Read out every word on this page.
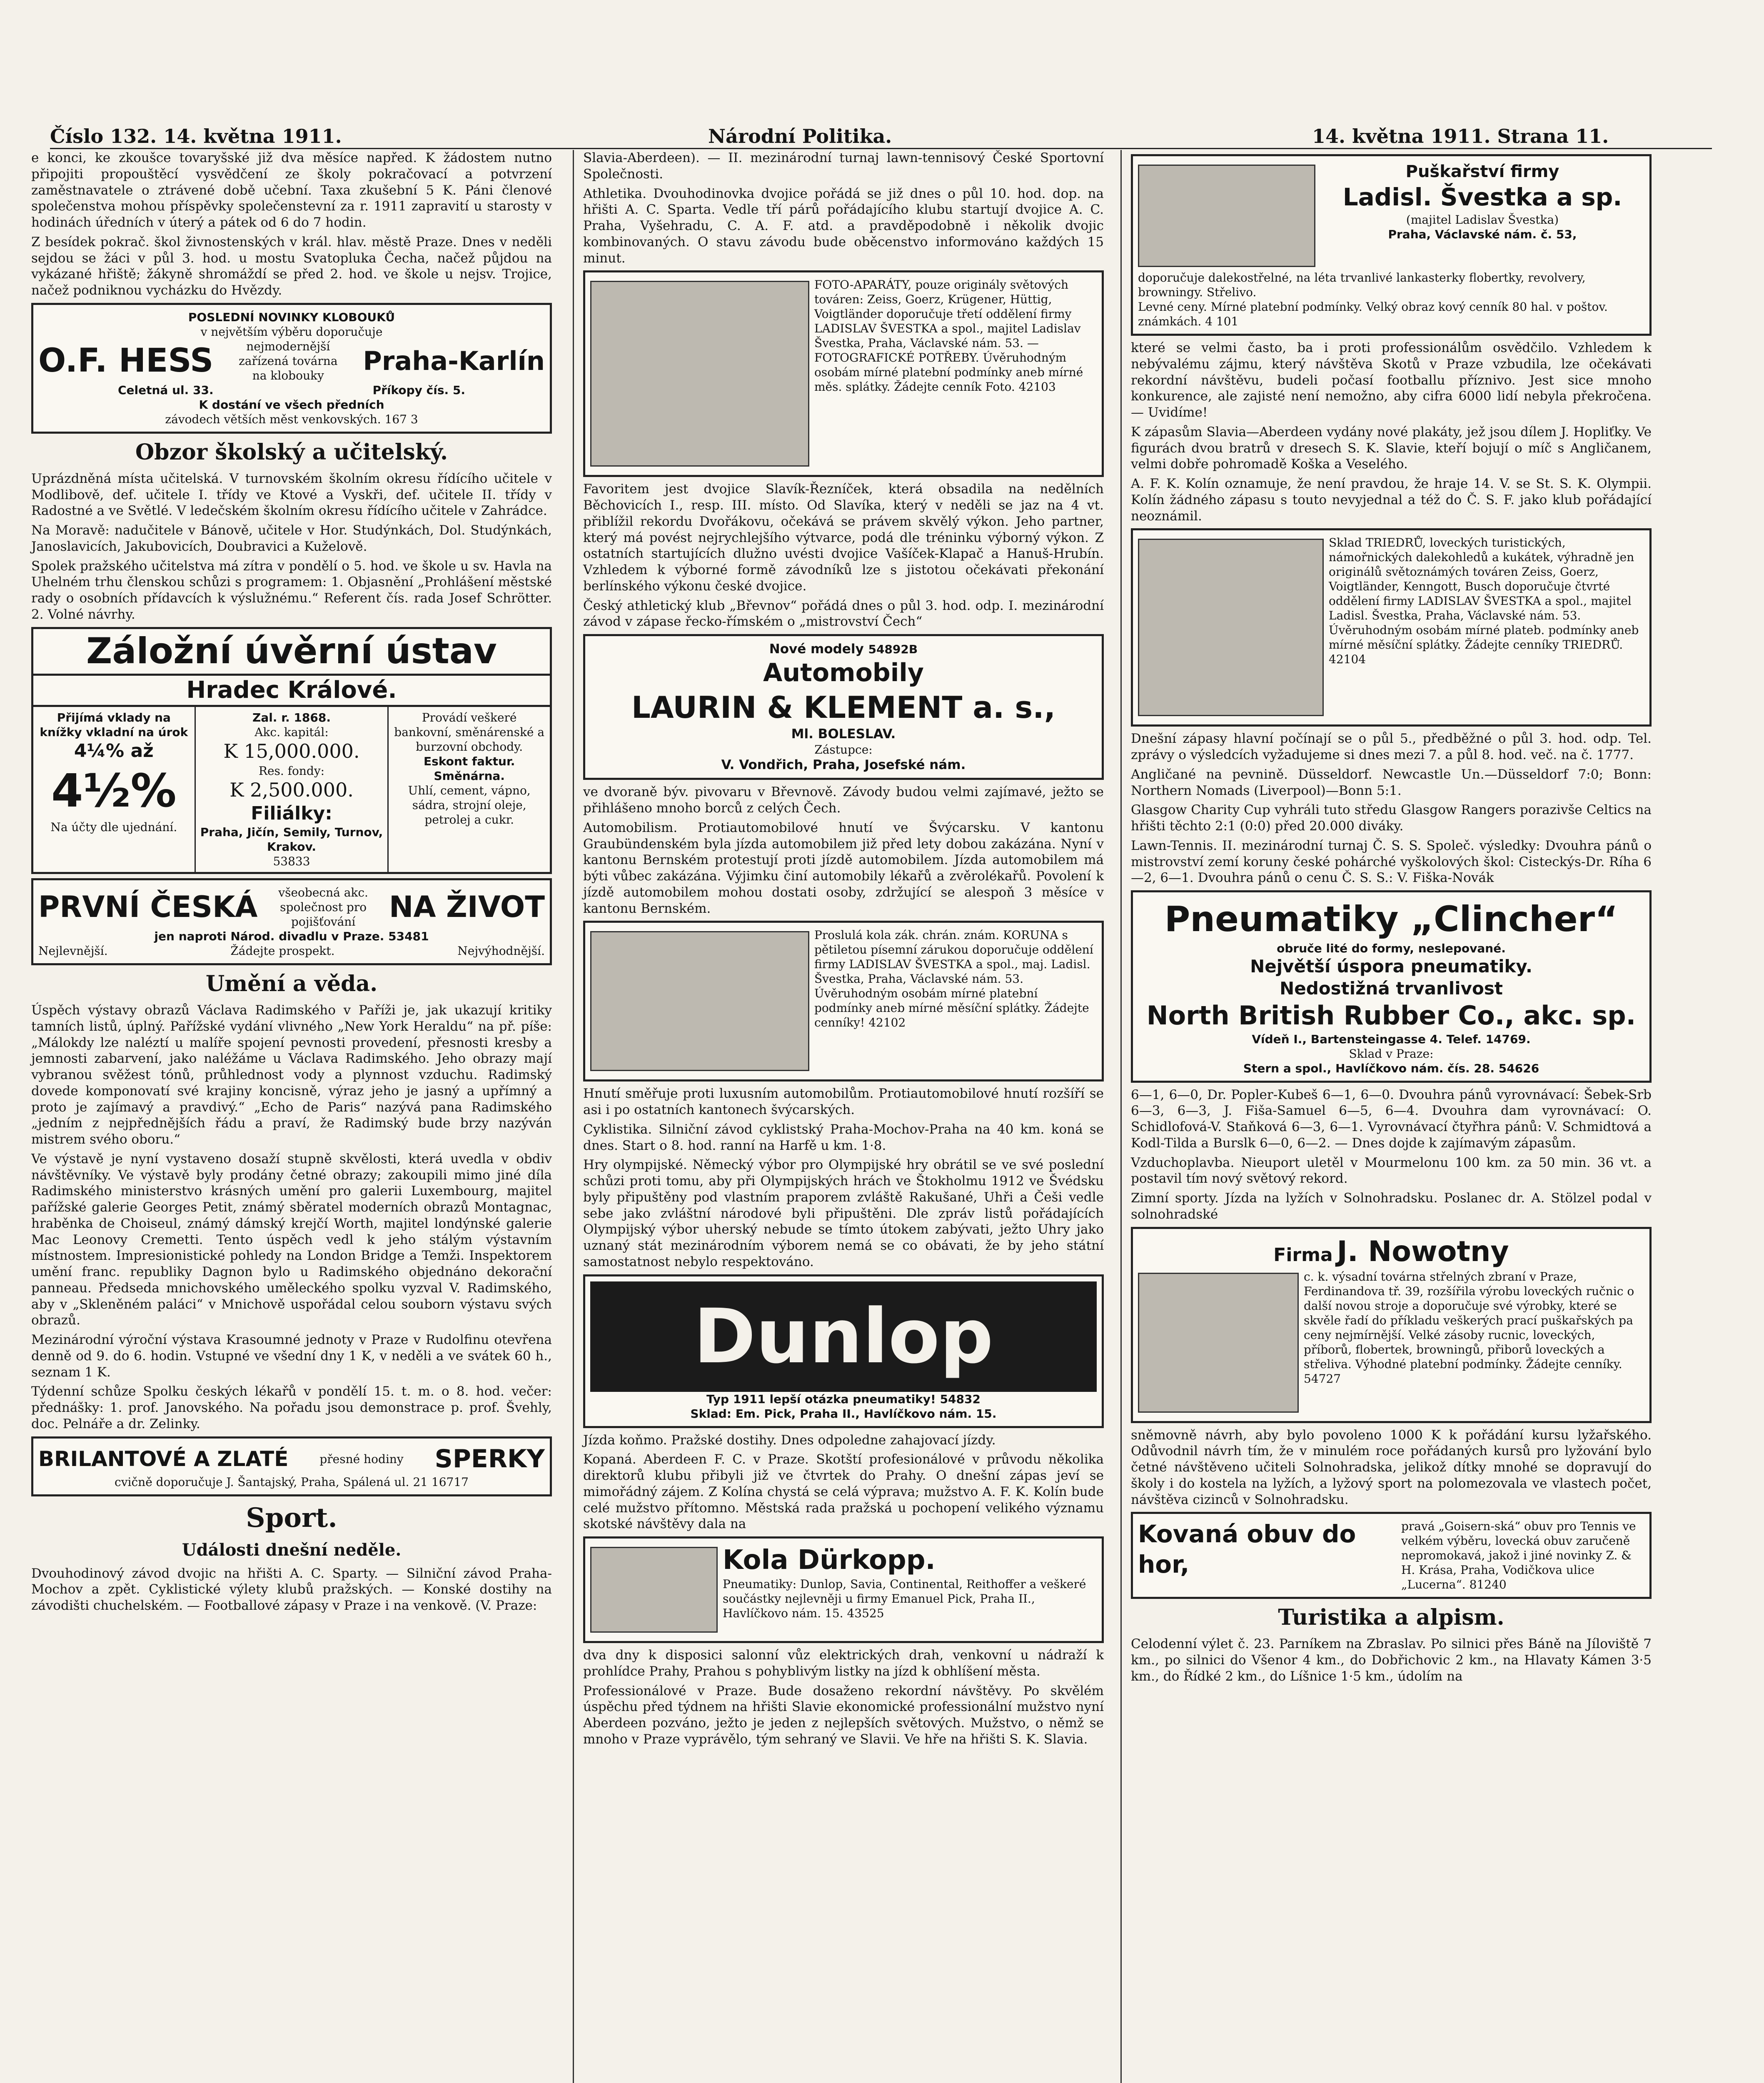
Číslo 132. 14. května 1911.	Národní Politika.	14. května 1911. Strana 11.

e konci, ke zkoušce tovaryšské již dva měsíce napřed. K žádostem nutno připojiti propouštěcí vysvědčení ze školy pokračovací a potvrzení zaměstnavatele o ztrávené době učební. Taxa zkušební 5 K. Páni členové společenstva mohou příspěvky společenstevní za r. 1911 zapravití u starosty v hodinách úředních v úterý a pátek od 6 do 7 hodin.

Z besídek pokrač. škol živnostenských v král. hlav. městě Praze. Dnes v neděli sejdou se žáci v půl 3. hod. u mostu Svatopluka Čecha, načež půjdou na vykázané hřiště; žákyně shromáždí se před 2. hod. ve škole u nejsv. Trojice, načež podniknou vycházku do Hvězdy.

POSLEDNÍ NOVINKY KLOBOUKŮ
v největším výběru doporučuje
O.F. HESS	nejmodernější zařízená továrna na klobouky	Praha-Karlín
Celetná ul. 33.	Příkopy čís. 5.
K dostání ve všech předních
závodech větších měst venkovských. 167 3
Obzor školský a učitelský.

Uprázdněná místa učitelská. V turnovském školním okresu řídícího učitele v Modlibově, def. učitele I. třídy ve Ktové a Vyskři, def. učitele II. třídy v Radostné a ve Světlé. V ledečském školním okresu řídícího učitele v Zahrádce.

Na Moravě: nadučitele v Bánově, učitele v Hor. Studýnkách, Dol. Studýnkách, Janoslavicích, Jakubovicích, Doubravici a Kuželově.

Spolek pražského učitelstva má zítra v pondělí o 5. hod. ve škole u sv. Havla na Uhelném trhu členskou schůzi s programem: 1. Objasnění „Prohlášení městské rady o osobních přídavcích k výslužnému.“ Referent čís. rada Josef Schrötter. 2. Volné návrhy.

Záložní úvěrní ústav
Hradec Králové.
Přijímá vklady na knížky vkladní na úrok
4¼% až
4½%
Na účty dle ujednání.
Zal. r. 1868.
Akc. kapitál:
K 15,000.000.
Res. fondy:
K 2,500.000.
Filiálky:
Praha, Jičín, Semily, Turnov, Krakov.
53833
Provádí veškeré bankovní, směnárenské a burzovní obchody.
Eskont faktur.
Směnárna.
Uhlí, cement, vápno, sádra, strojní oleje, petrolej a cukr.
PRVNÍ ČESKÁ	všeobecná akc. společnost pro pojišťování	NA ŽIVOT
jen naproti Národ. divadlu v Praze. 53481
Nejlevnější.	Žádejte prospekt.	Nejvýhodnější.
Umění a věda.

Úspěch výstavy obrazů Václava Radimského v Paříži je, jak ukazují kritiky tamních listů, úplný. Pařížské vydání vlivného „New York Heraldu“ na př. píše: „Málokdy lze naléztí u malíře spojení pevnosti provedení, přesnosti kresby a jemnosti zabarvení, jako naléžáme u Václava Radimského. Jeho obrazy mají vybranou svěžest tónů, průhlednost vody a plynnost vzduchu. Radimský dovede komponovatí své krajiny koncisně, výraz jeho je jasný a upřímný a proto je zajímavý a pravdivý.“ „Echo de Paris“ nazývá pana Radimského „jedním z nejpřednějších řádu a praví, že Radimský bude brzy nazýván mistrem svého oboru.“

Ve výstavě je nyní vystaveno dosaží stupně skvělosti, která uvedla v obdiv návštěvníky. Ve výstavě byly prodány četné obrazy; zakoupili mimo jiné díla Radimského ministerstvo krásných umění pro galerii Luxembourg, majitel pařížské galerie Georges Petit, známý sběratel moderních obrazů Montagnac, hraběnka de Choiseul, známý dámský krejčí Worth, majitel londýnské galerie Mac Leonovy Cremetti. Tento úspěch vedl k jeho stálým výstavním místnostem. Impresionistické pohledy na London Bridge a Temži. Inspektorem umění franc. republiky Dagnon bylo u Radimského objednáno dekorační panneau. Předseda mnichovského uměleckého spolku vyzval V. Radimského, aby v „Skleněném paláci“ v Mnichově uspořádal celou souborn výstavu svých obrazů.

Mezinárodní výroční výstava Krasoumné jednoty v Praze v Rudolfinu otevřena denně od 9. do 6. hodin. Vstupné ve všední dny 1 K, v neděli a ve svátek 60 h., seznam 1 K.

Týdenní schůze Spolku českých lékařů v pondělí 15. t. m. o 8. hod. večer: přednášky: 1. prof. Janovského. Na pořadu jsou demonstrace p. prof. Švehly, doc. Pelnáře a dr. Zelinky.

BRILANTOVÉ A ZLATÉ	přesné hodiny SPERKY
cvičně doporučuje J. Šantajský, Praha, Spálená ul. 21 16717
Sport.
Události dnešní neděle.

Dvouhodinový závod dvojic na hřišti A. C. Sparty. — Silniční závod Praha-Mochov a zpět. Cyklistické výlety klubů pražských. — Konské dostihy na závodišti chuchelském. — Footballové zápasy v Praze i na venkově. (V. Praze:

Slavia-Aberdeen). — II. mezinárodní turnaj lawn-tennisový České Sportovní Společnosti.

Athletika. Dvouhodinovka dvojice pořádá se již dnes o půl 10. hod. dop. na hřišti A. C. Sparta. Vedle tří párů pořádajícího klubu startují dvojice A. C. Praha, Vyšehradu, C. A. F. atd. a pravděpodobně i několik dvojic kombinovaných. O stavu závodu bude oběcenstvo informováno každých 15 minut.

FOTO-APARÁTY, pouze originály světových továren: Zeiss, Goerz, Krügener, Hüttig, Voigtländer doporučuje třetí oddělení firmy LADISLAV ŠVESTKA a spol., majitel Ladislav Švestka, Praha, Václavské nám. 53. — FOTOGRAFICKÉ POTŘEBY. Úvěruhodným osobám mírné platební podmínky aneb mírné měs. splátky. Žádejte cenník Foto. 42103

Favoritem jest dvojice Slavík-Řezníček, která obsadila na nedělních Běchovicích I., resp. III. místo. Od Slavíka, který v neděli se jaz na 4 vt. přiblížil rekordu Dvořákovu, očekává se právem skvělý výkon. Jeho partner, který má povést nejrychlejšího výtvarce, podá dle tréninku výborný výkon. Z ostatních startujících dlužno uvésti dvojice Vašíček-Klapač a Hanuš-Hrubín. Vzhledem k výborné formě závodníků lze s jistotou očekávati překonání berlínského výkonu české dvojice.

Český athletický klub „Břevnov“ pořádá dnes o půl 3. hod. odp. I. mezinárodní závod v zápase řecko-římském o „mistrovství Čech“

Nové modely 54892B
Automobily
LAURIN & KLEMENT a. s.,
Ml. BOLESLAV.
Zástupce:
V. Vondřich, Praha, Josefské nám.

ve dvoraně býv. pivovaru v Břevnově. Závody budou velmi zajímavé, ježto se přihlášeno mnoho borců z celých Čech.

Automobilism. Protiautomobilové hnutí ve Švýcarsku. V kantonu Graubündenském byla jízda automobilem již před lety dobou zakázána. Nyní v kantonu Bernském protestují proti jízdě automobilem. Jízda automobilem má býti vůbec zakázána. Výjimku činí automobily lékařů a zvěrolékařů. Povolení k jízdě automobilem mohou dostati osoby, zdržující se alespoň 3 měsíce v kantonu Bernském.

Proslulá kola zák. chrán. znám. KORUNA s pětiletou písemní zárukou doporučuje oddělení firmy LADISLAV ŠVESTKA a spol., maj. Ladisl. Švestka, Praha, Václavské nám. 53. Úvěruhodným osobám mírné platební podmínky aneb mírné měsíční splátky. Žádejte cenníky! 42102

Hnutí směřuje proti luxusním automobilům. Protiautomobilové hnutí rozšíří se asi i po ostatních kantonech švýcarských.

Cyklistika. Silniční závod cyklistský Praha-Mochov-Praha na 40 km. koná se dnes. Start o 8. hod. ranní na Harfě u km. 1·8.

Hry olympijské. Německý výbor pro Olympijské hry obrátil se ve své poslední schůzi proti tomu, aby při Olympijských hrách ve Štokholmu 1912 ve Švédsku byly připuštěny pod vlastním praporem zvláště Rakušané, Uhři a Češi vedle sebe jako zvláštní národové byli připuštěni. Dle zpráv listů pořádajících Olympijský výbor uherský nebude se tímto útokem zabývati, ježto Uhry jako uznaný stát mezinárodním výborem nemá se co obávati, že by jeho státní samostatnost nebylo respektováno.

Dunlop
Typ 1911 lepší otázka pneumatiky! 54832
Sklad: Em. Pick, Praha II., Havlíčkovo nám. 15.

Jízda koňmo. Pražské dostihy. Dnes odpoledne zahajovací jízdy.

Kopaná. Aberdeen F. C. v Praze. Skotští profesionálové v průvodu několika direktorů klubu přibyli již ve čtvrtek do Prahy. O dnešní zápas jeví se mimořádný zájem. Z Kolína chystá se celá výprava; mužstvo A. F. K. Kolín bude celé mužstvo přítomno. Městská rada pražská u pochopení velikého významu skotské návštěvy dala na

Kola Dürkopp.
Pneumatiky: Dunlop, Savia, Continental, Reithoffer a veškeré součástky nejlevněji u firmy Emanuel Pick, Praha II., Havlíčkovo nám. 15. 43525

dva dny k disposici salonní vůz elektrických drah, venkovní u nádraží k prohlídce Prahy, Prahou s pohyblivým listky na jízd k obhlíšení města.

Professionálové v Praze. Bude dosaženo rekordní návštěvy. Po skvělém úspěchu před týdnem na hřišti Slavie ekonomické professionální mužstvo nyní Aberdeen pozváno, ježto je jeden z nejlepších světových. Mužstvo, o němž se mnoho v Praze vyprávělo, tým sehraný ve Slavii. Ve hře na hřišti S. K. Slavia.

Puškařství firmy
Ladisl. Švestka a sp.
(majitel Ladislav Švestka)
Praha, Václavské nám. č. 53,
doporučuje dalekostřelné, na léta trvanlivé lankasterky flobertky, revolvery, browningy. Střelivo.
Levné ceny. Mírné platební podmínky. Velký obraz kový cenník 80 hal. v poštov. známkách. 4 101

které se velmi často, ba i proti professionálům osvědčilo. Vzhledem k nebývalému zájmu, který návštěva Skotů v Praze vzbudila, lze očekávati rekordní návštěvu, budeli počasí footballu příznivo. Jest sice mnoho konkurence, ale zajisté není nemožno, aby cifra 6000 lidí nebyla překročena. — Uvidíme!

K zápasům Slavia—Aberdeen vydány nové plakáty, jež jsou dílem J. Hopliťky. Ve figurách dvou bratrů v dresech S. K. Slavie, kteří bojují o míč s Angličanem, velmi dobře pohromadě Koška a Veselého.

A. F. K. Kolín oznamuje, že není pravdou, že hraje 14. V. se St. S. K. Olympii. Kolín žádného zápasu s touto nevyjednal a též do Č. S. F. jako klub pořádající neoznámil.

Sklad TRIEDRŮ, loveckých turistických, námořnických dalekohledů a kukátek, výhradně jen originálů světoznámých továren Zeiss, Goerz, Voigtländer, Kenngott, Busch doporučuje čtvrté oddělení firmy LADISLAV ŠVESTKA a spol., majitel Ladisl. Švestka, Praha, Václavské nám. 53. Úvěruhodným osobám mírné plateb. podmínky aneb mírné měsíční splátky. Žádejte cenníky TRIEDRŮ. 42104

Dnešní zápasy hlavní počínají se o půl 5., předběžné o půl 3. hod. odp. Tel. zprávy o výsledcích vyžadujeme si dnes mezi 7. a půl 8. hod. več. na č. 1777.

Angličané na pevnině. Düsseldorf. Newcastle Un.—Düsseldorf 7:0; Bonn: Northern Nomads (Liverpool)—Bonn 5:1.

Glasgow Charity Cup vyhráli tuto středu Glasgow Rangers porazivše Celtics na hřišti těchto 2:1 (0:0) před 20.000 diváky.

Lawn-Tennis. II. mezinárodní turnaj Č. S. S. Společ. výsledky: Dvouhra pánů o mistrovství zemí koruny české pohárché vyškolových škol: Cisteckýs-Dr. Ríha 6—2, 6—1. Dvouhra pánů o cenu Č. S. S.: V. Fiška-Novák

Pneumatiky „Clincher“
obruče lité do formy, neslepované.
Největší úspora pneumatiky.
Nedostižná trvanlivost
North British Rubber Co., akc. sp.
Vídeň I., Bartensteingasse 4. Telef. 14769.
Sklad v Praze:
Stern a spol., Havlíčkovo nám. čís. 28. 54626

6—1, 6—0, Dr. Popler-Kubeš 6—1, 6—0. Dvouhra pánů vyrovnávací: Šebek-Srb 6—3, 6—3, J. Fiša-Samuel 6—5, 6—4. Dvouhra dam vyrovnávací: O. Schidlofová-V. Staňková 6—3, 6—1. Vyrovnávací čtyřhra pánů: V. Schmidtová a Kodl-Tilda a Burslk 6—0, 6—2. — Dnes dojde k zajímavým zápasům.

Vzduchoplavba. Nieuport uletěl v Mourmelonu 100 km. za 50 min. 36 vt. a postavil tím nový světový rekord.

Zimní sporty. Jízda na lyžích v Solnohradsku. Poslanec dr. A. Stölzel podal v solnohradské

Firma J. Nowotny
c. k. výsadní továrna střelných zbraní v Praze, Ferdinandova tř. 39, rozšířila výrobu loveckých ručnic o další novou stroje a doporučuje své výrobky, které se skvěle řadí do příkladu veškerých prací puškařských pa ceny nejmírnější. Velké zásoby rucnic, loveckých, příborů, flobertek, browningů, přiborů loveckých a střeliva. Výhodné platební podmínky. Žádejte cenníky. 54727

sněmovně návrh, aby bylo povoleno 1000 K k pořádání kursu lyžařského. Odůvodnil návrh tím, že v minulém roce pořádaných kursů pro lyžování bylo četné návštěveno učiteli Solnohradska, jelikož dítky mnohé se dopravují do školy i do kostela na lyžích, a lyžový sport na polomezovala ve vlastech počet, návštěva cizinců v Solnohradsku.

Kovaná obuv do hor,
pravá „Goisern-ská“ obuv pro Tennis ve velkém výběru, lovecká obuv zaručeně nepromokavá, jakož i jiné novinky Z. & H. Krása, Praha, Vodičkova ulice „Lucerna“. 81240
Turistika a alpism.

Celodenní výlet č. 23. Parníkem na Zbraslav. Po silnici přes Báně na Jíloviště 7 km., po silnici do Všenor 4 km., do Dobřichovic 2 km., na Hlavaty Kámen 3·5 km., do Řídké 2 km., do Líšnice 1·5 km., údolím na
